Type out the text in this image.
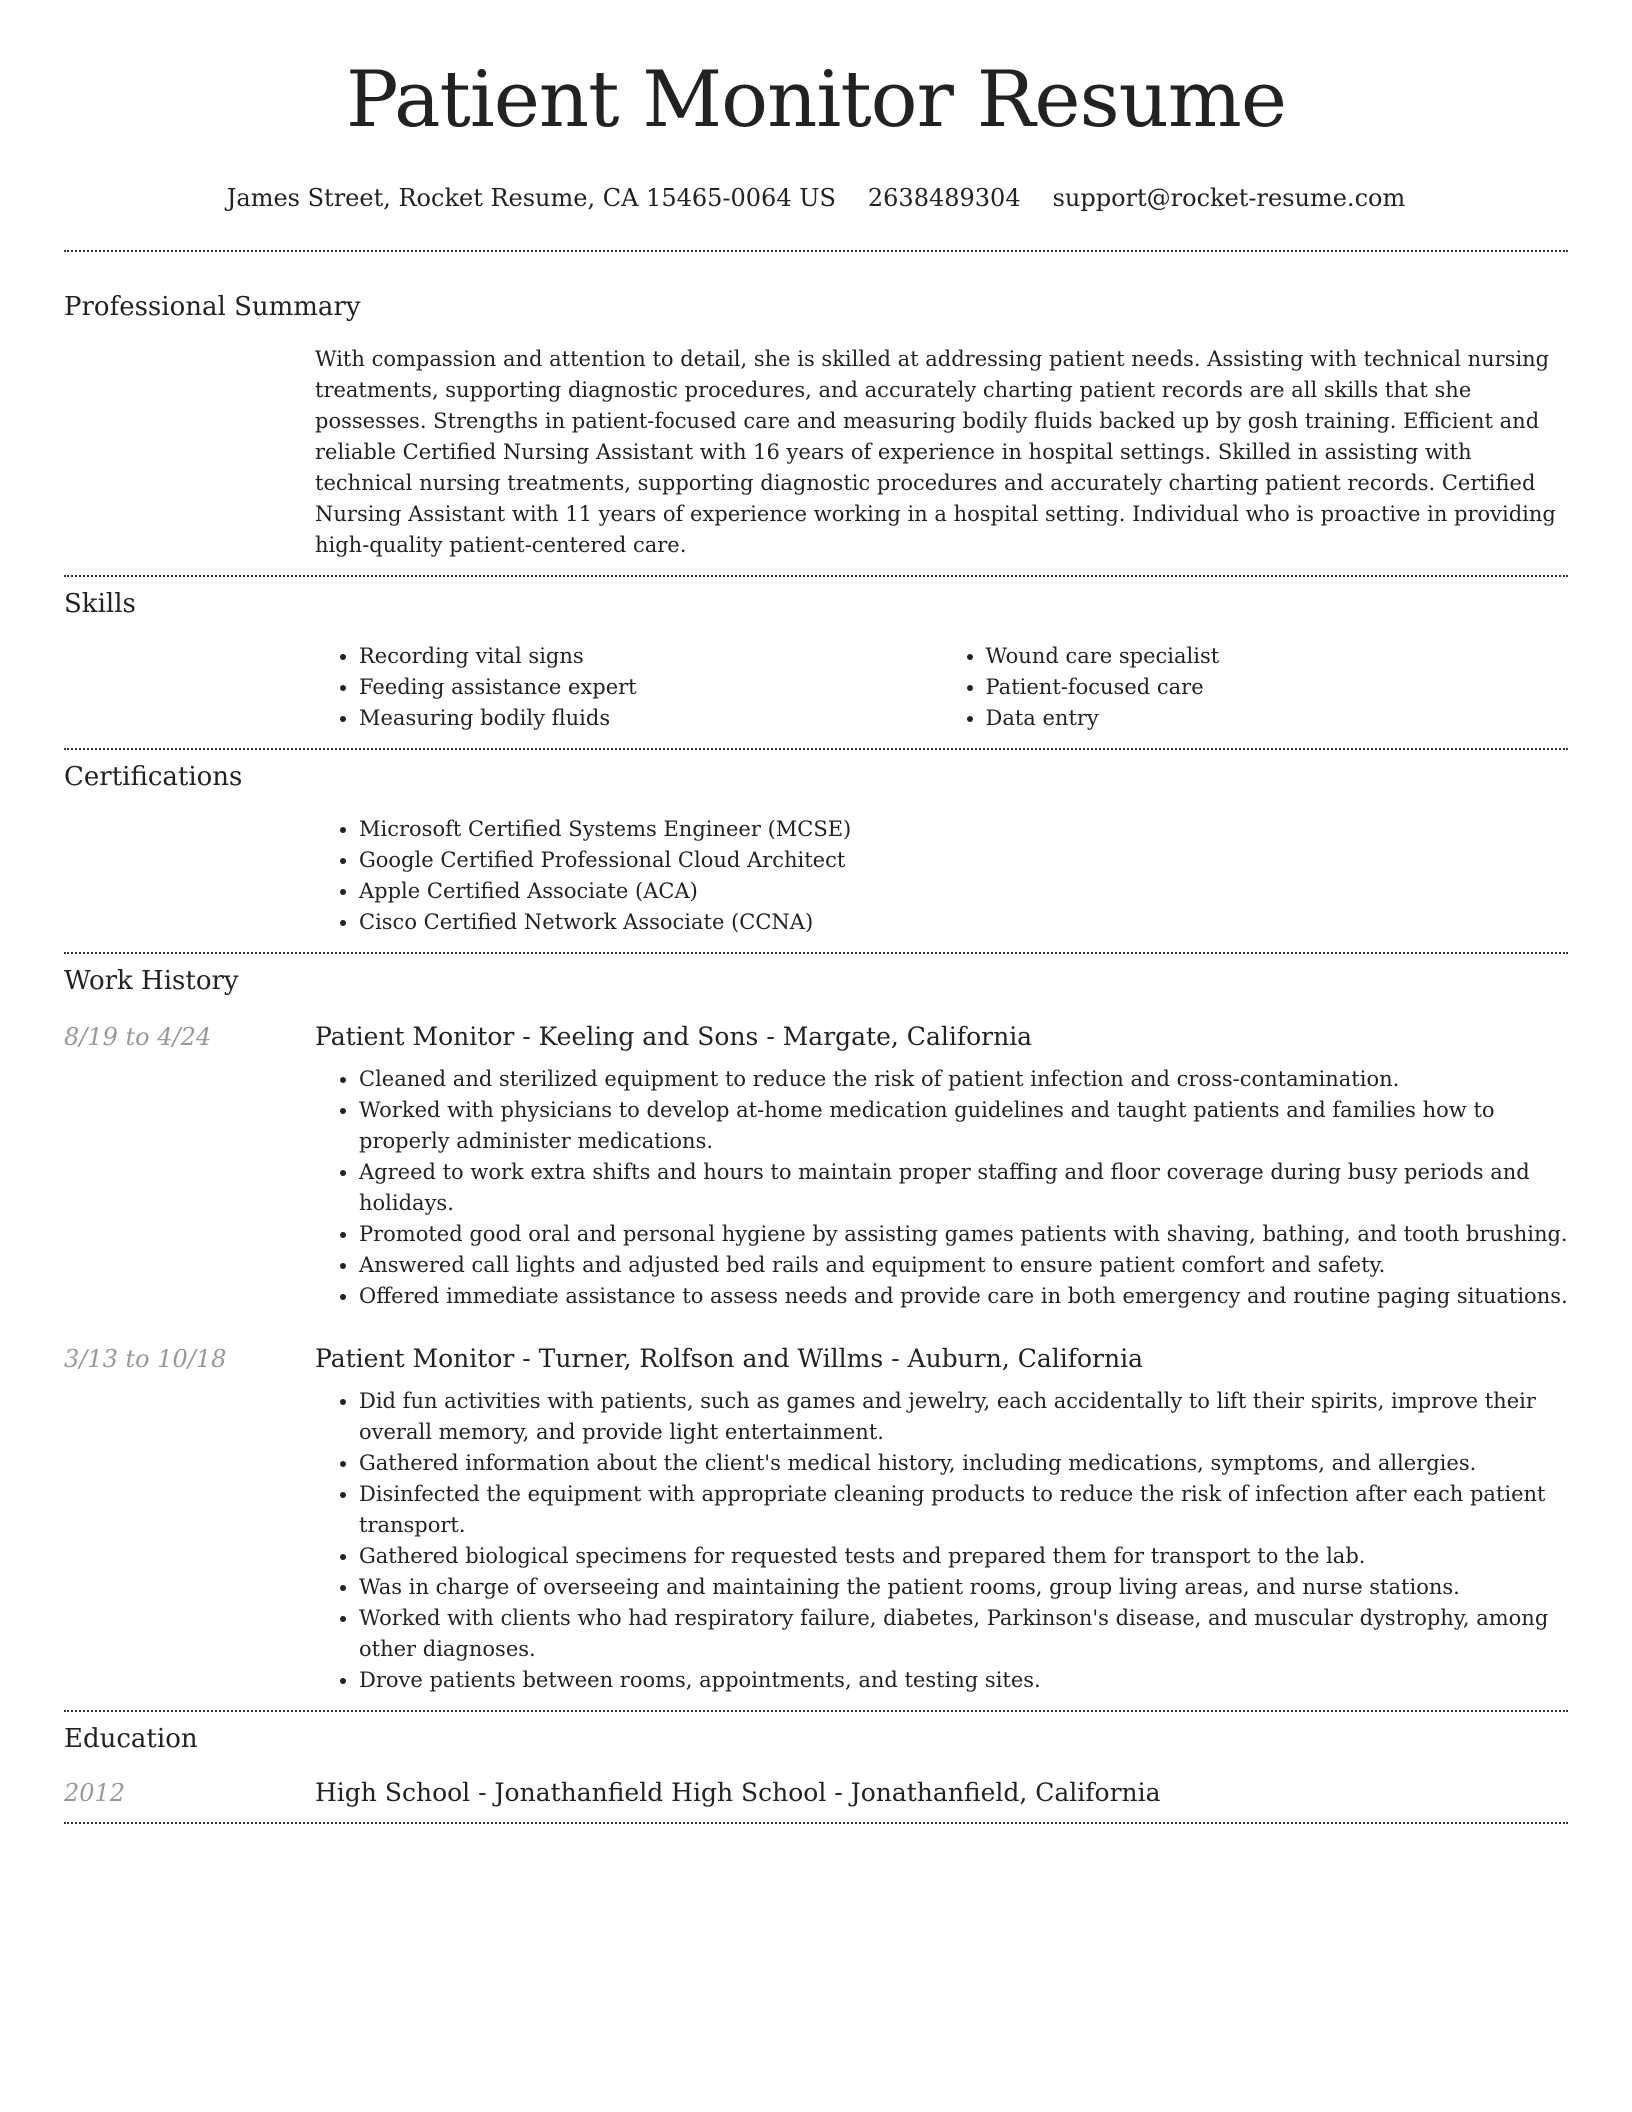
Patient Monitor Resume
James Street, Rocket Resume, CA 15465-0064 US 2638489304 support@rocket-resume.com
Professional Summary

With compassion and attention to detail, she is skilled at addressing patient needs. Assisting with technical nursing treatments, supporting diagnostic procedures, and accurately charting patient records are all skills that she possesses. Strengths in patient-focused care and measuring bodily fluids backed up by gosh training. Efficient and reliable Certified Nursing Assistant with 16 years of experience in hospital settings. Skilled in assisting with technical nursing treatments, supporting diagnostic procedures and accurately charting patient records. Certified Nursing Assistant with 11 years of experience working in a hospital setting. Individual who is proactive in providing high-quality patient-centered care.

Skills
• Recording vital signs
• Feeding assistance expert
• Measuring bodily fluids
• Wound care specialist
• Patient-focused care
• Data entry
Certifications
• Microsoft Certified Systems Engineer (MCSE)
• Google Certified Professional Cloud Architect
• Apple Certified Associate (ACA)
• Cisco Certified Network Associate (CCNA)
Work History
8/19 to 4/24	Patient Monitor - Keeling and Sons - Margate, California
• Cleaned and sterilized equipment to reduce the risk of patient infection and cross-contamination.
• Worked with physicians to develop at-home medication guidelines and taught patients and families how to properly administer medications.
• Agreed to work extra shifts and hours to maintain proper staffing and floor coverage during busy periods and holidays.
• Promoted good oral and personal hygiene by assisting games patients with shaving, bathing, and tooth brushing.
• Answered call lights and adjusted bed rails and equipment to ensure patient comfort and safety.
• Offered immediate assistance to assess needs and provide care in both emergency and routine paging situations.
3/13 to 10/18	Patient Monitor - Turner, Rolfson and Willms - Auburn, California
• Did fun activities with patients, such as games and jewelry, each accidentally to lift their spirits, improve their overall memory, and provide light entertainment.
• Gathered information about the client's medical history, including medications, symptoms, and allergies.
• Disinfected the equipment with appropriate cleaning products to reduce the risk of infection after each patient transport.
• Gathered biological specimens for requested tests and prepared them for transport to the lab.
• Was in charge of overseeing and maintaining the patient rooms, group living areas, and nurse stations.
• Worked with clients who had respiratory failure, diabetes, Parkinson's disease, and muscular dystrophy, among other diagnoses.
• Drove patients between rooms, appointments, and testing sites.
Education
2012	High School - Jonathanfield High School - Jonathanfield, California
